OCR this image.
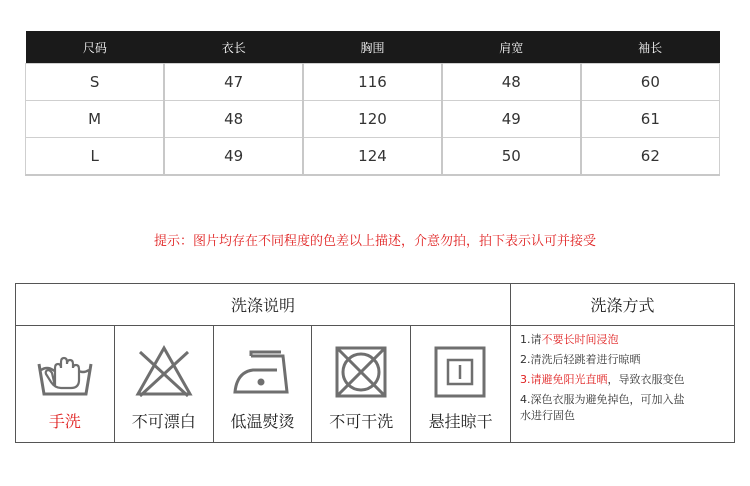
尺码	衣长	胸围	肩宽	袖长
S	47	116	48	60
M	48	120	49	61
L	49	124	50	62
提示：图片均存在不同程度的色差以上描述，介意勿拍，拍下表示认可并接受
洗涤说明	洗涤方式
手洗	不可漂白	低温熨烫	不可干洗	悬挂晾干
1.请不要长时间浸泡
2.清洗后轻跳着进行晾晒
3.请避免阳光直晒，导致衣服变色
4.深色衣服为避免掉色，可加入盐
水进行固色
